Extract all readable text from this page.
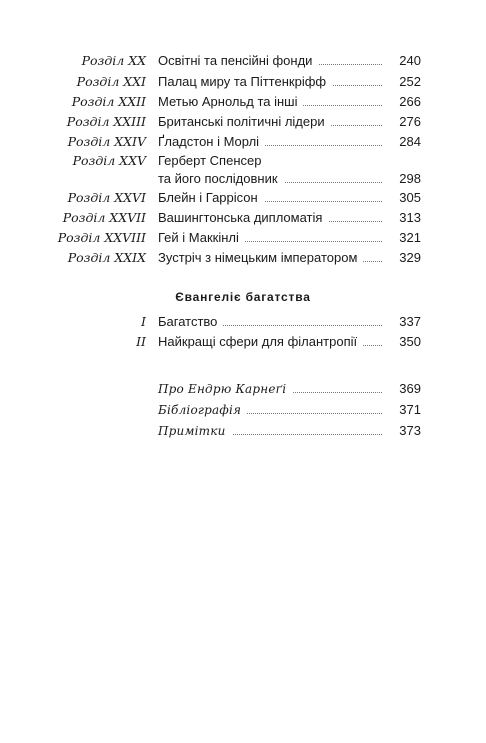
Розділ XX Освітні та пенсійні фонди	240
Розділ XXI Палац миру та Піттенкріфф	252
Розділ XXII Метью Арнольд та інші	266
Розділ XXIII Британські політичні лідери	276
Розділ XXIV Ґладстон і Морлі	284
Розділ XXV Герберт Спенсер
та його послідовник	298
Розділ XXVI Блейн і Гаррісон	305
Розділ XXVII Вашингтонська дипломатія	313
Розділ XXVIII Гей і Маккінлі	321
Розділ XXIX Зустріч з німецьким імператором	329
Євангеліє багатства
I Багатство	337
II Найкращі сфери для філантропії	350
Про Ендрю Карнеґі	369
Бібліографія	371
Примітки	373
